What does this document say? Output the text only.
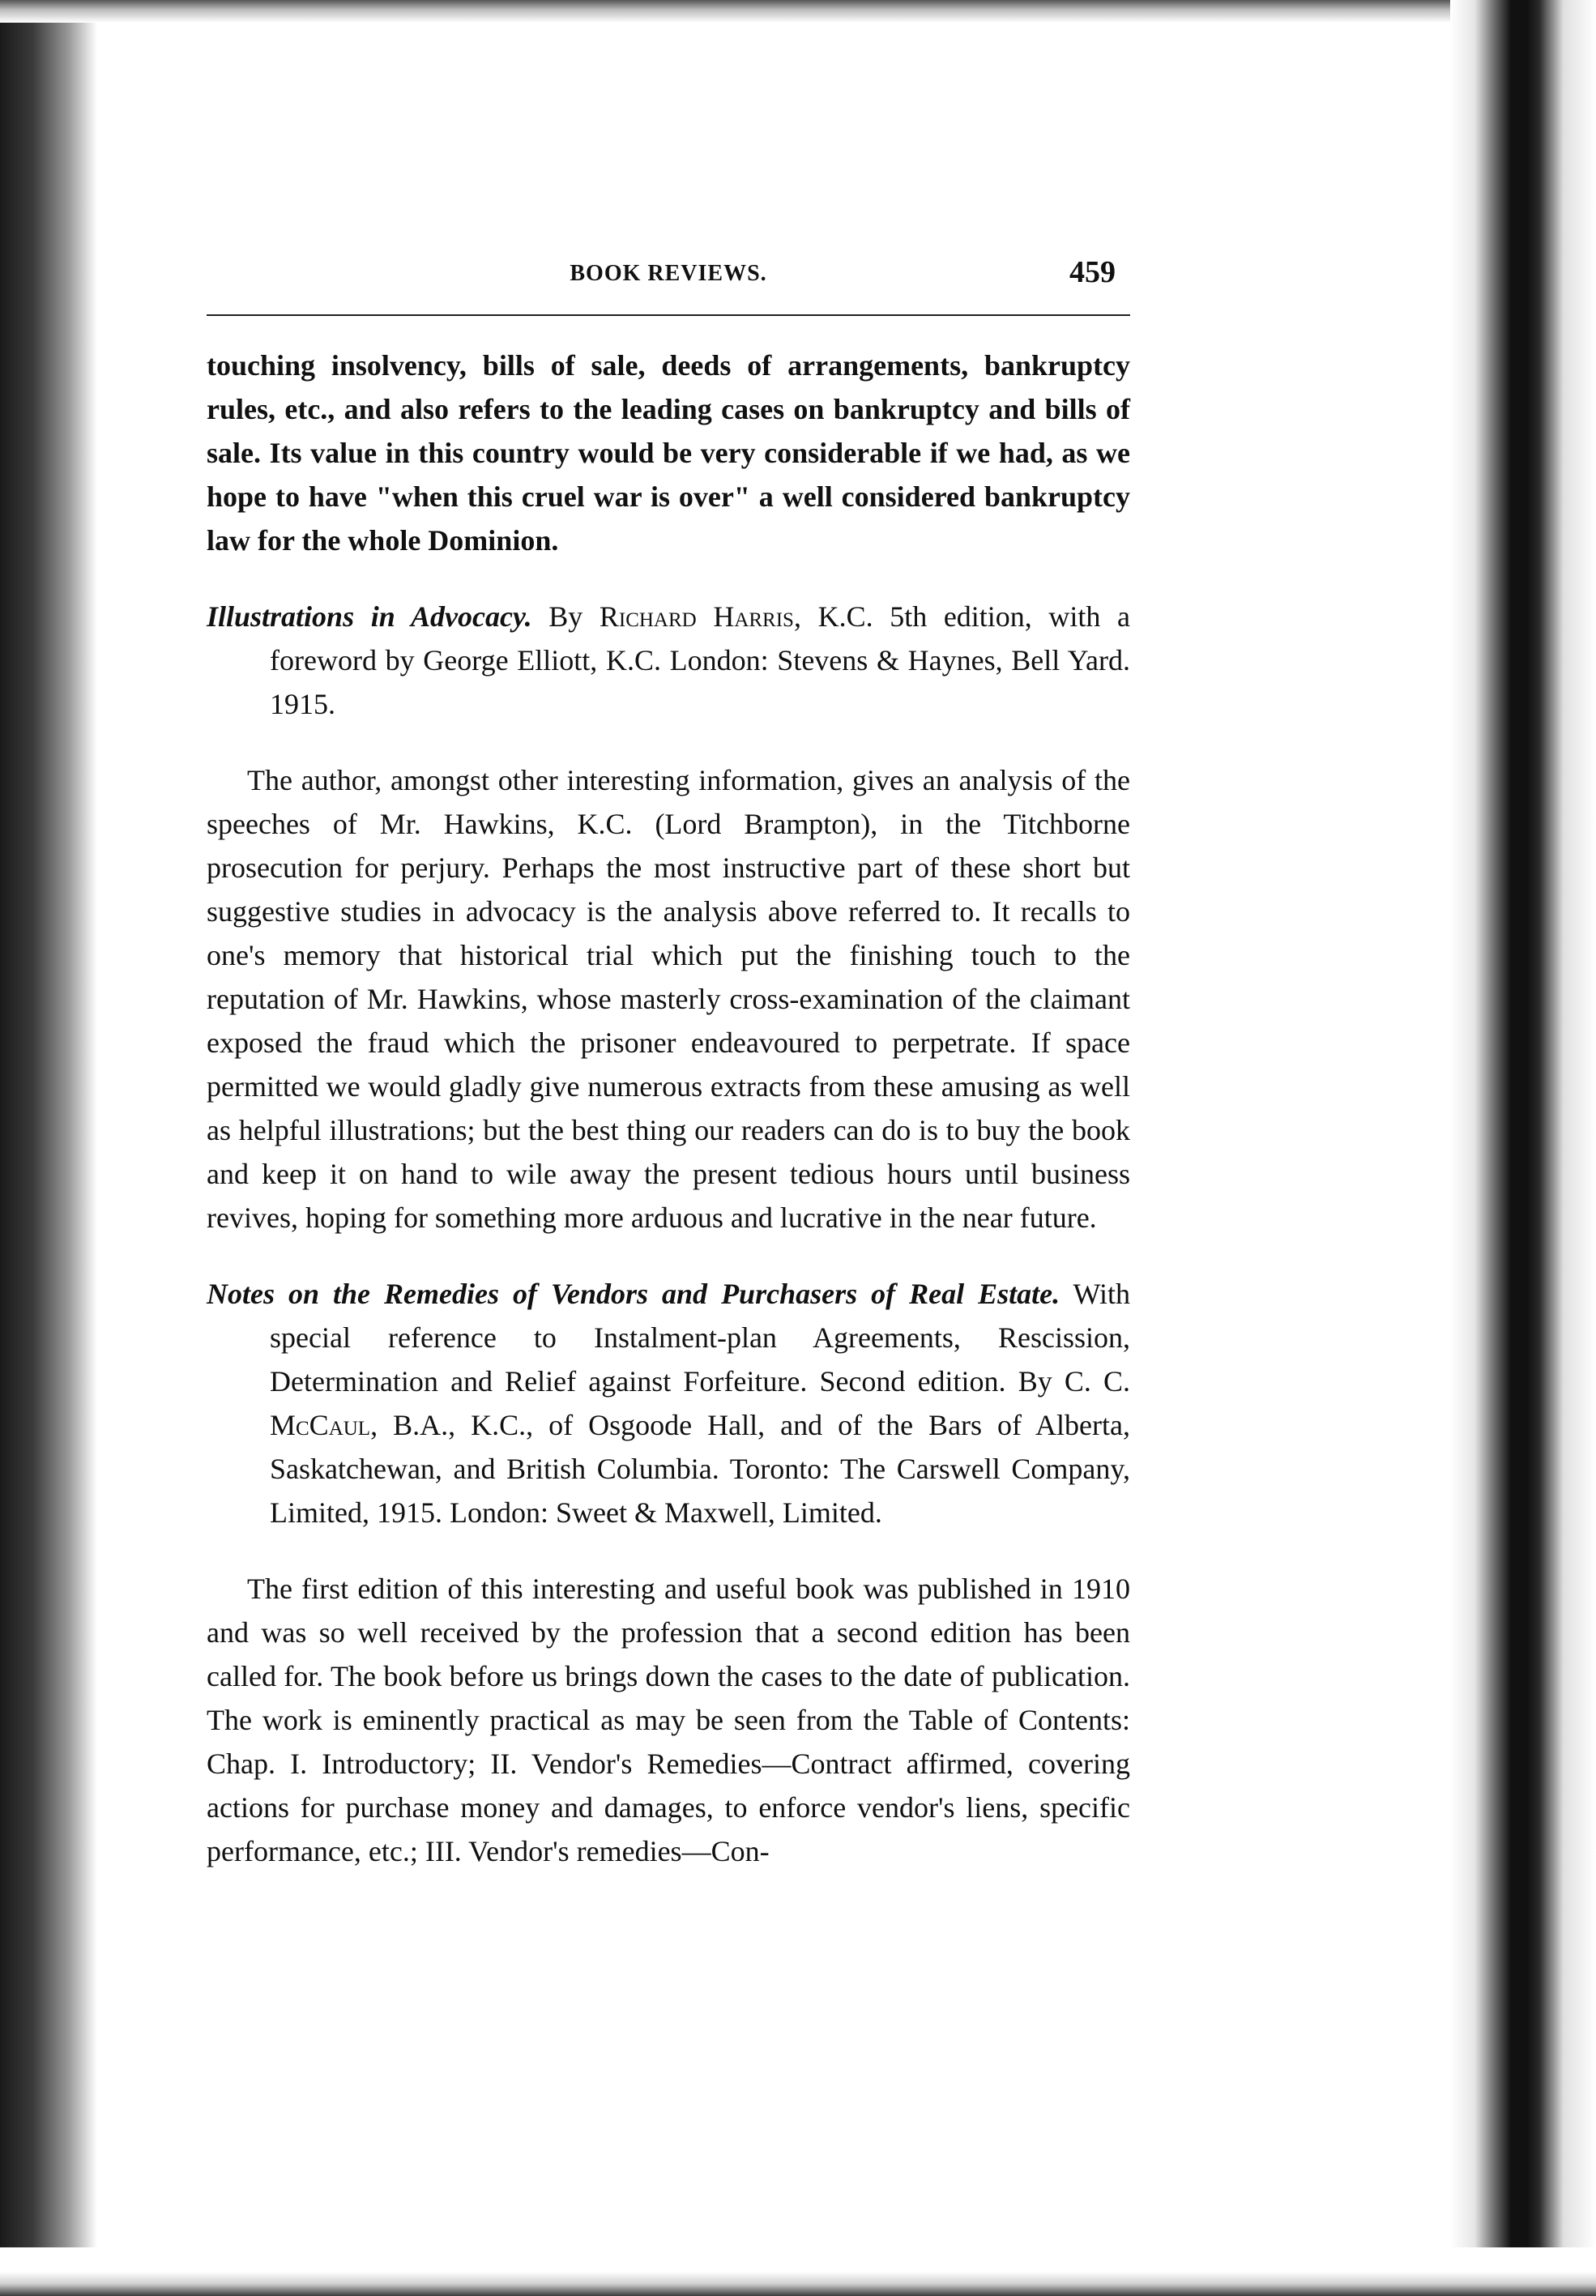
BOOK REVIEWS.	459

touching insolvency, bills of sale, deeds of arrangements, bankruptcy rules, etc., and also refers to the leading cases on bankruptcy and bills of sale. Its value in this country would be very considerable if we had, as we hope to have "when this cruel war is over" a well considered bankruptcy law for the whole Dominion.

Illustrations in Advocacy. By Richard Harris, K.C. 5th edition, with a foreword by George Elliott, K.C. London: Stevens & Haynes, Bell Yard. 1915.

The author, amongst other interesting information, gives an analysis of the speeches of Mr. Hawkins, K.C. (Lord Brampton), in the Titchborne prosecution for perjury. Perhaps the most instructive part of these short but suggestive studies in advocacy is the analysis above referred to. It recalls to one's memory that historical trial which put the finishing touch to the reputation of Mr. Hawkins, whose masterly cross-examination of the claimant exposed the fraud which the prisoner endeavoured to perpetrate. If space permitted we would gladly give numerous extracts from these amusing as well as helpful illustrations; but the best thing our readers can do is to buy the book and keep it on hand to wile away the present tedious hours until business revives, hoping for something more arduous and lucrative in the near future.

Notes on the Remedies of Vendors and Purchasers of Real Estate. With special reference to Instalment-plan Agreements, Rescission, Determination and Relief against Forfeiture. Second edition. By C. C. McCaul, B.A., K.C., of Osgoode Hall, and of the Bars of Alberta, Saskatchewan, and British Columbia. Toronto: The Carswell Company, Limited, 1915. London: Sweet & Maxwell, Limited.

The first edition of this interesting and useful book was published in 1910 and was so well received by the profession that a second edition has been called for. The book before us brings down the cases to the date of publication. The work is eminently practical as may be seen from the Table of Contents: Chap. I. Introductory; II. Vendor's Remedies—Contract affirmed, covering actions for purchase money and damages, to enforce vendor's liens, specific performance, etc.; III. Vendor's remedies—Con-
